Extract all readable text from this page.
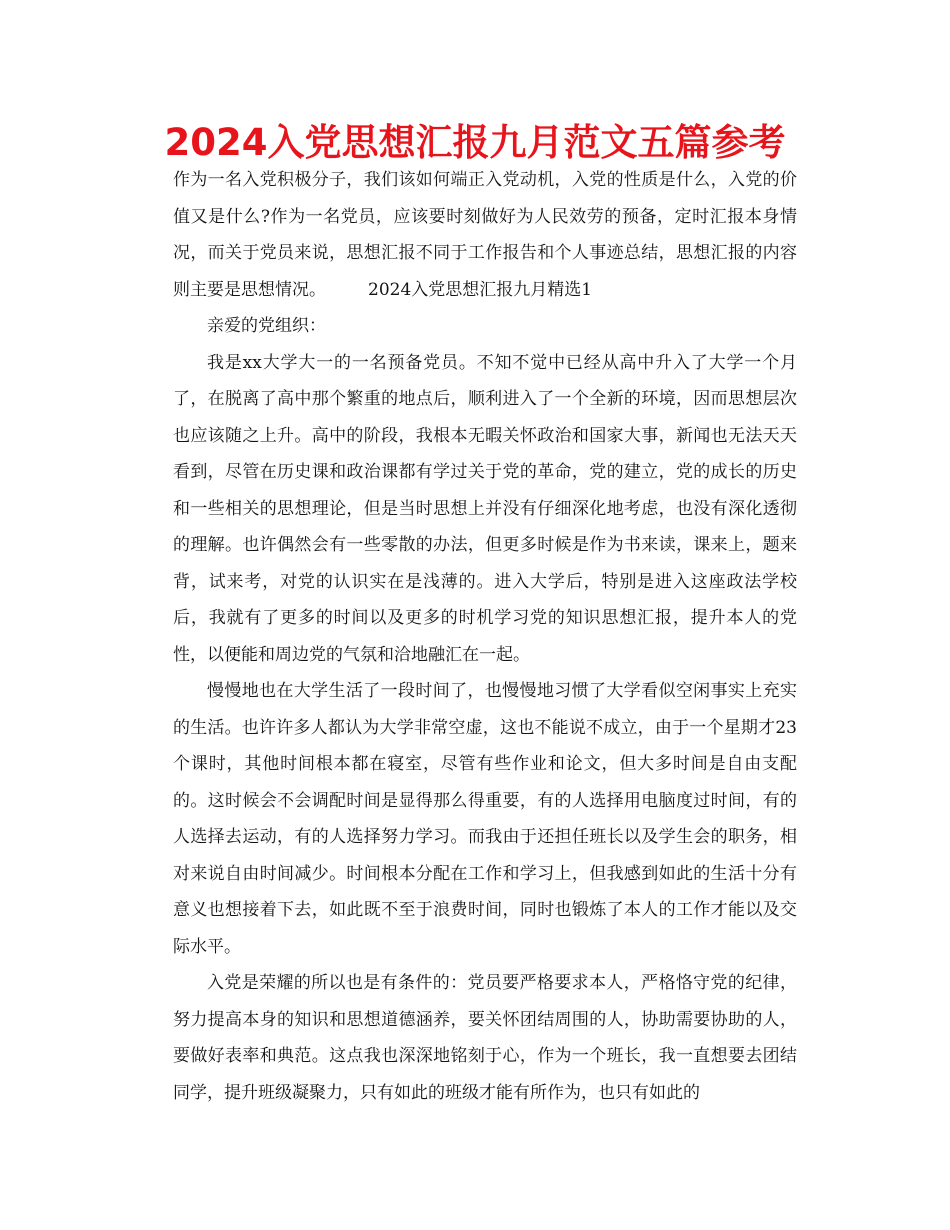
2024入党思想汇报九月范文五篇参考

作为一名入党积极分子，我们该如何端正入党动机，入党的性质是什么，入党的价值又是什么?作为一名党员，应该要时刻做好为人民效劳的预备，定时汇报本身情况，而关于党员来说，思想汇报不同于工作报告和个人事迹总结，思想汇报的内容则主要是思想情况。 2024入党思想汇报九月精选1

亲爱的党组织：

我是xx大学大一的一名预备党员。不知不觉中已经从高中升入了大学一个月了，在脱离了高中那个繁重的地点后，顺利进入了一个全新的环境，因而思想层次也应该随之上升。高中的阶段，我根本无暇关怀政治和国家大事，新闻也无法天天看到，尽管在历史课和政治课都有学过关于党的革命，党的建立，党的成长的历史和一些相关的思想理论，但是当时思想上并没有仔细深化地考虑，也没有深化透彻的理解。也许偶然会有一些零散的办法，但更多时候是作为书来读，课来上，题来背，试来考，对党的认识实在是浅薄的。进入大学后，特别是进入这座政法学校后，我就有了更多的时间以及更多的时机学习党的知识思想汇报，提升本人的党性，以便能和周边党的气氛和洽地融汇在一起。

慢慢地也在大学生活了一段时间了，也慢慢地习惯了大学看似空闲事实上充实的生活。也许许多人都认为大学非常空虚，这也不能说不成立，由于一个星期才23个课时，其他时间根本都在寝室，尽管有些作业和论文，但大多时间是自由支配的。这时候会不会调配时间是显得那么得重要，有的人选择用电脑度过时间，有的人选择去运动，有的人选择努力学习。而我由于还担任班长以及学生会的职务，相对来说自由时间减少。时间根本分配在工作和学习上，但我感到如此的生活十分有意义也想接着下去，如此既不至于浪费时间，同时也锻炼了本人的工作才能以及交际水平。

入党是荣耀的所以也是有条件的：党员要严格要求本人，严格恪守党的纪律，努力提高本身的知识和思想道德涵养，要关怀团结周围的人，协助需要协助的人，要做好表率和典范。这点我也深深地铭刻于心，作为一个班长，我一直想要去团结同学，提升班级凝聚力，只有如此的班级才能有所作为，也只有如此的
